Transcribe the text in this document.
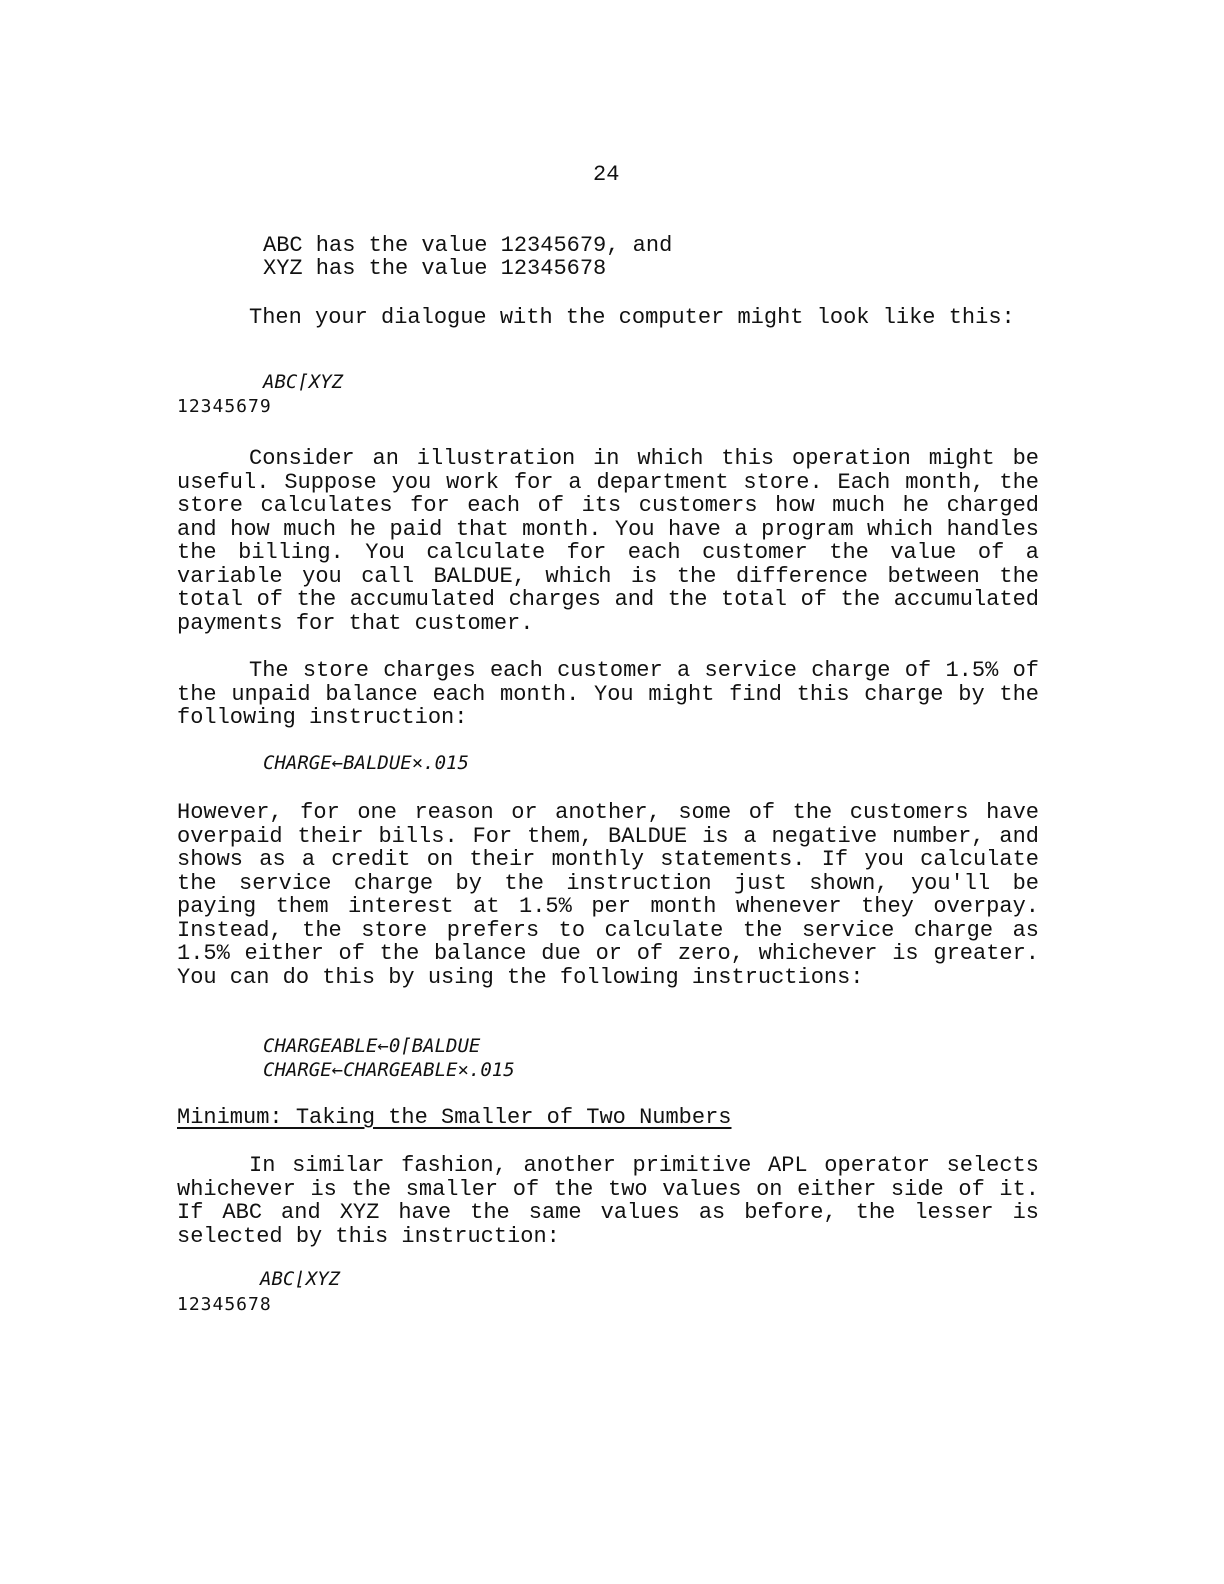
24
ABC has the value 12345679, and
XYZ has the value 12345678

Then your dialogue with the computer might look like this:

ABC⌈XYZ
12345679

Consider an illustration in which this operation might be useful. Suppose you work for a department store. Each month, the store calculates for each of its customers how much he charged and how much he paid that month. You have a program which handles the billing. You calculate for each customer the value of a variable you call BALDUE, which is the difference between the total of the accumulated charges and the total of the accumulated payments for that customer.

The store charges each customer a service charge of 1.5% of the unpaid balance each month. You might find this charge by the following instruction:

CHARGE←BALDUE×.015

However, for one reason or another, some of the customers have overpaid their bills. For them, BALDUE is a negative number, and shows as a credit on their monthly statements. If you calculate the service charge by the instruction just shown, you'll be paying them interest at 1.5% per month whenever they overpay. Instead, the store prefers to calculate the service charge as 1.5% either of the balance due or of zero, whichever is greater. You can do this by using the following instructions:

CHARGEABLE←0⌈BALDUE
CHARGE←CHARGEABLE×.015
Minimum: Taking the Smaller of Two Numbers

In similar fashion, another primitive APL operator selects whichever is the smaller of the two values on either side of it. If ABC and XYZ have the same values as before, the lesser is selected by this instruction:

ABC⌊XYZ
12345678
